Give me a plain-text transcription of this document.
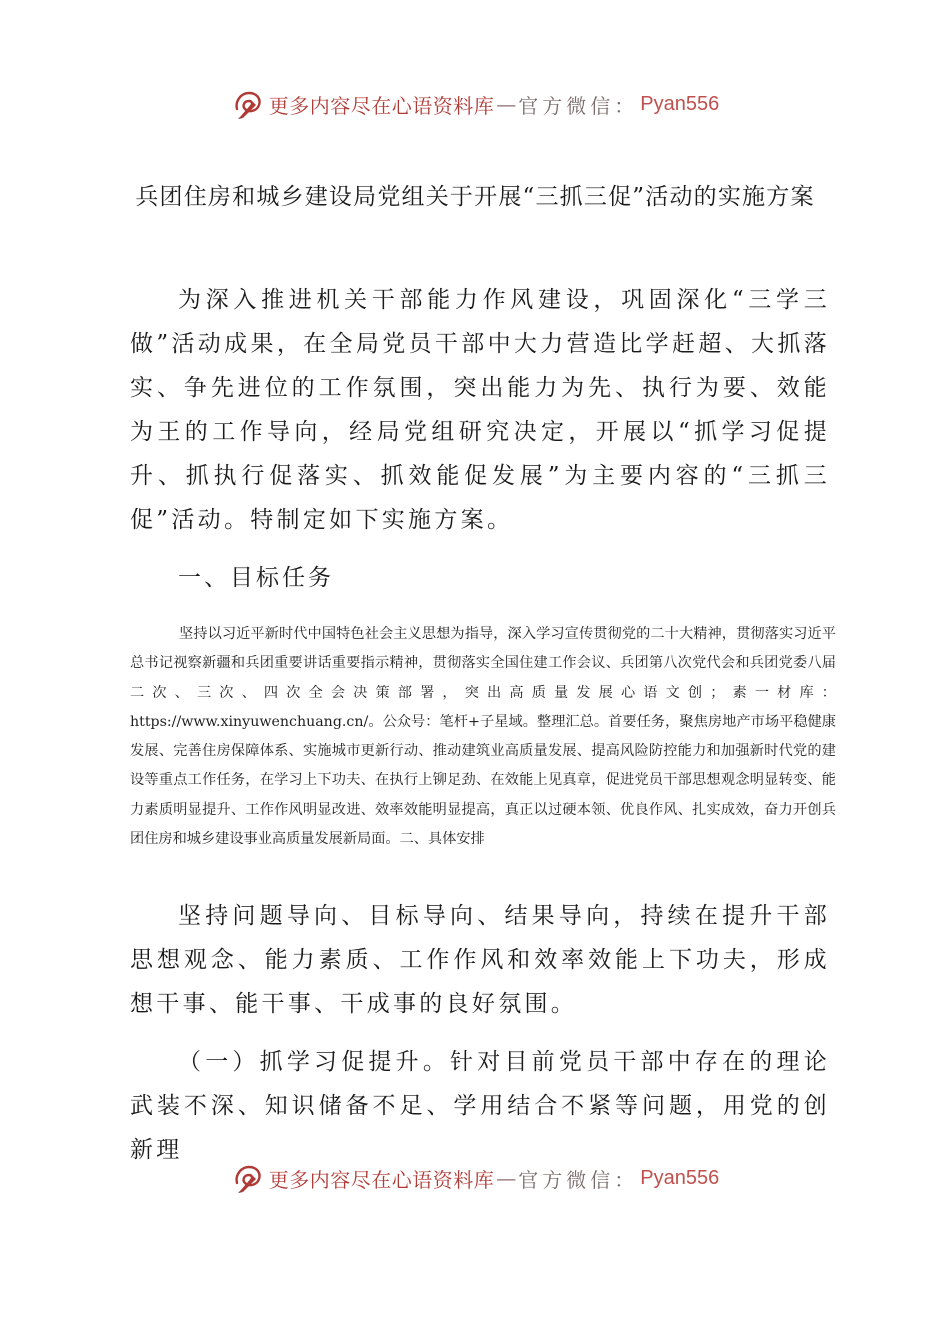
更多内容尽在心语资料库 — 官方微信： Pyan556
兵团住房和城乡建设局党组关于开展“三抓三促”活动的实施方案

为深入推进机关干部能力作风建设，巩固深化“三学三做”活动成果，在全局党员干部中大力营造比学赶超、大抓落实、争先进位的工作氛围，突出能力为先、执行为要、效能为王的工作导向，经局党组研究决定，开展以“抓学习促提升、抓执行促落实、抓效能促发展”为主要内容的“三抓三促”活动。特制定如下实施方案。

一、目标任务

坚持以习近平新时代中国特色社会主义思想为指导，深入学习宣传贯彻党的二十大精神，贯彻落实习近平总书记视察新疆和兵团重要讲话重要指示精神，贯彻落实全国住建工作会议、兵团第八次党代会和兵团党委八届二次、三次、四次全会决策部署，突出高质量发展心语文创；素一材库：https://www.xinyuwenchuang.cn/。公众号：笔杆+子星域。整理汇总。首要任务，聚焦房地产市场平稳健康发展、完善住房保障体系、实施城市更新行动、推动建筑业高质量发展、提高风险防控能力和加强新时代党的建设等重点工作任务，在学习上下功夫、在执行上铆足劲、在效能上见真章，促进党员干部思想观念明显转变、能力素质明显提升、工作作风明显改进、效率效能明显提高，真正以过硬本领、优良作风、扎实成效，奋力开创兵团住房和城乡建设事业高质量发展新局面。二、具体安排

坚持问题导向、目标导向、结果导向，持续在提升干部思想观念、能力素质、工作作风和效率效能上下功夫，形成想干事、能干事、干成事的良好氛围。

（一）抓学习促提升。针对目前党员干部中存在的理论武装不深、知识储备不足、学用结合不紧等问题，用党的创新理

更多内容尽在心语资料库 — 官方微信： Pyan556
